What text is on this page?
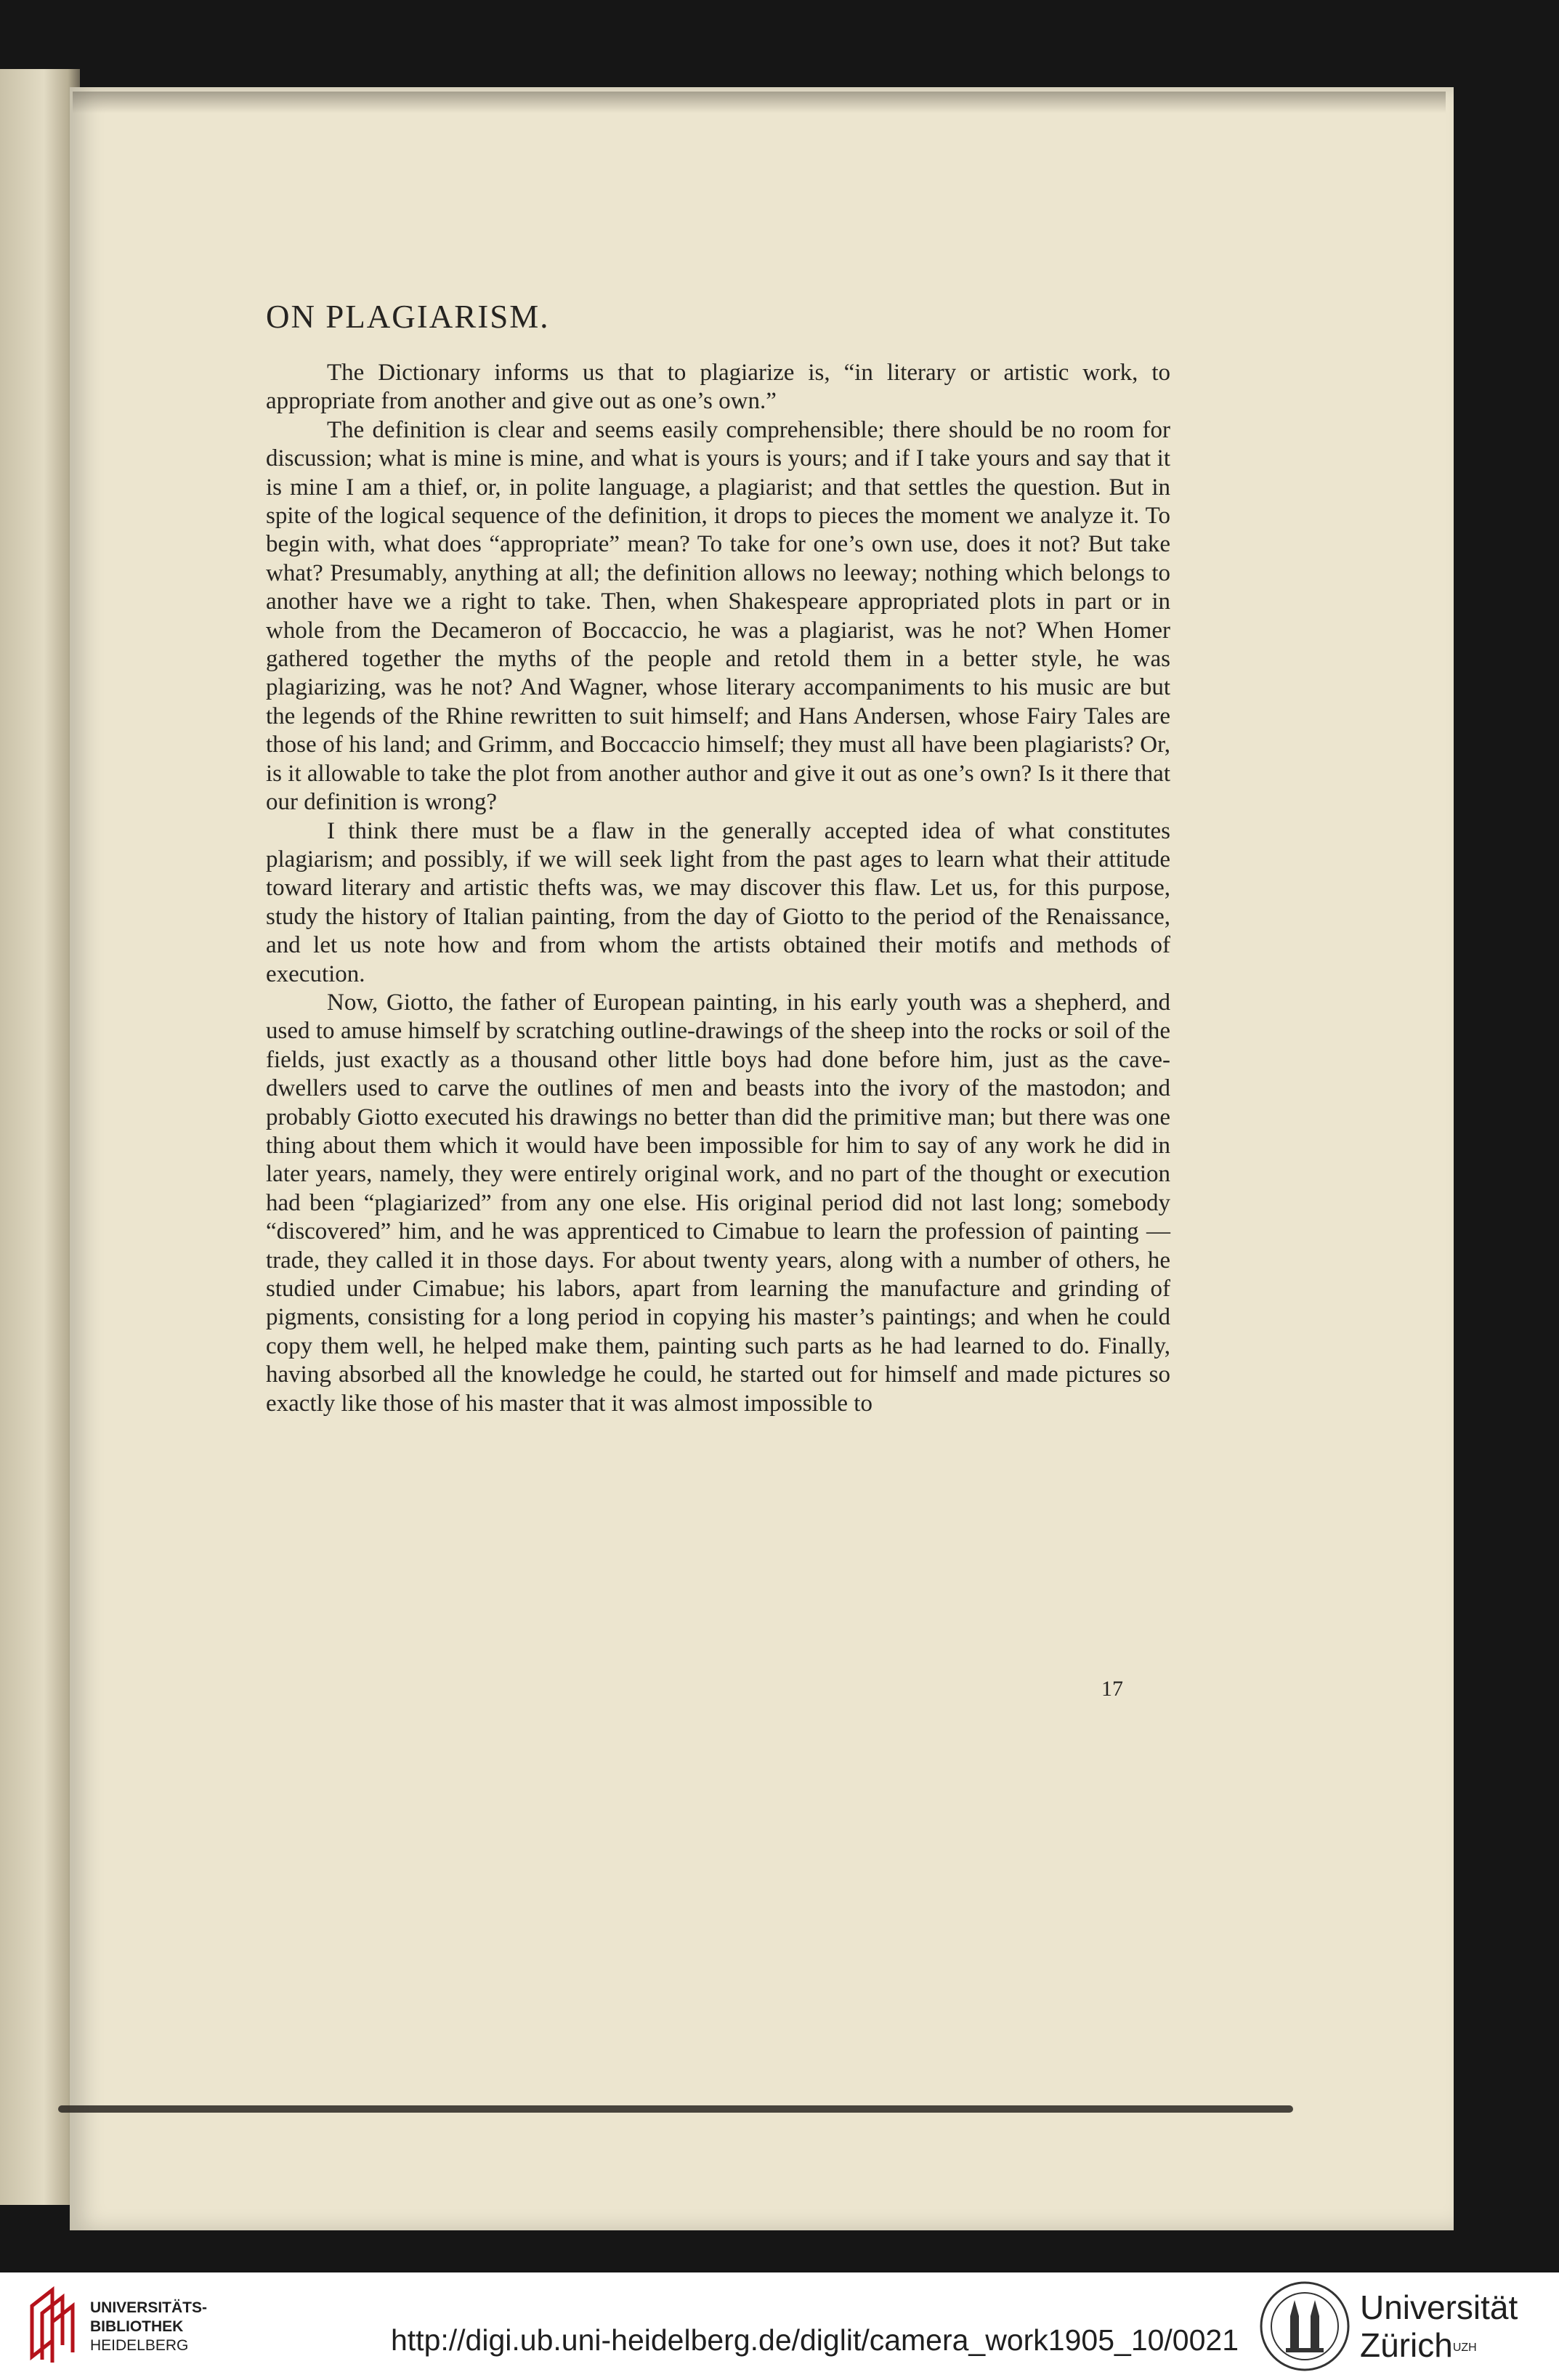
ON PLAGIARISM.

The Dictionary informs us that to plagiarize is, “in literary or artistic work, to appropriate from another and give out as one’s own.”

The definition is clear and seems easily comprehensible; there should be no room for discussion; what is mine is mine, and what is yours is yours; and if I take yours and say that it is mine I am a thief, or, in polite language, a plagiarist; and that settles the question. But in spite of the logical sequence of the definition, it drops to pieces the moment we analyze it. To begin with, what does “appropriate” mean? To take for one’s own use, does it not? But take what? Presumably, anything at all; the definition allows no leeway; nothing which belongs to another have we a right to take. Then, when Shakespeare appropriated plots in part or in whole from the Decameron of Boccaccio, he was a plagiarist, was he not? When Homer gathered together the myths of the people and retold them in a better style, he was plagiarizing, was he not? And Wagner, whose literary accompaniments to his music are but the legends of the Rhine rewritten to suit himself; and Hans Andersen, whose Fairy Tales are those of his land; and Grimm, and Boccaccio himself; they must all have been plagiarists? Or, is it allowable to take the plot from another author and give it out as one’s own? Is it there that our definition is wrong?

I think there must be a flaw in the generally accepted idea of what constitutes plagiarism; and possibly, if we will seek light from the past ages to learn what their attitude toward literary and artistic thefts was, we may discover this flaw. Let us, for this purpose, study the history of Italian painting, from the day of Giotto to the period of the Renaissance, and let us note how and from whom the artists obtained their motifs and methods of execution.

Now, Giotto, the father of European painting, in his early youth was a shepherd, and used to amuse himself by scratching outline-drawings of the sheep into the rocks or soil of the fields, just exactly as a thousand other little boys had done before him, just as the cave-dwellers used to carve the outlines of men and beasts into the ivory of the mastodon; and probably Giotto executed his drawings no better than did the primitive man; but there was one thing about them which it would have been impossible for him to say of any work he did in later years, namely, they were entirely original work, and no part of the thought or execution had been “plagiarized” from any one else. His original period did not last long; somebody “discovered” him, and he was apprenticed to Cimabue to learn the profession of painting —trade, they called it in those days. For about twenty years, along with a number of others, he studied under Cimabue; his labors, apart from learning the manufacture and grinding of pigments, consisting for a long period in copying his master’s paintings; and when he could copy them well, he helped make them, painting such parts as he had learned to do. Finally, having absorbed all the knowledge he could, he started out for himself and made pictures so exactly like those of his master that it was almost impossible to

17
UNIVERSITÄTS-
BIBLIOTHEK
HEIDELBERG	http://digi.ub.uni-heidelberg.de/diglit/camera_work1905_10/0021
Universität
Zürich$^{UZH}$
